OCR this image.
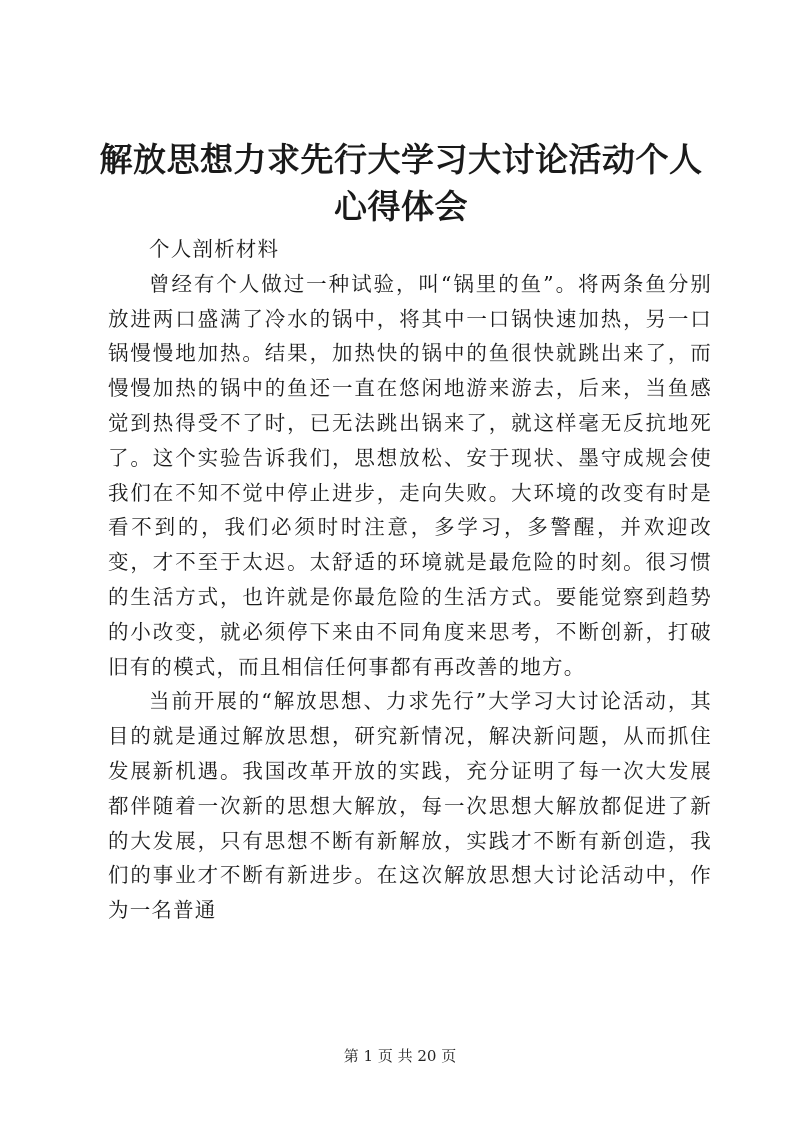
解放思想力求先行大学习大讨论活动个人心得体会

个人剖析材料

曾经有个人做过一种试验，叫“锅里的鱼”。将两条鱼分别放进两口盛满了冷水的锅中，将其中一口锅快速加热，另一口锅慢慢地加热。结果，加热快的锅中的鱼很快就跳出来了，而慢慢加热的锅中的鱼还一直在悠闲地游来游去，后来，当鱼感觉到热得受不了时，已无法跳出锅来了，就这样毫无反抗地死了。这个实验告诉我们，思想放松、安于现状、墨守成规会使我们在不知不觉中停止进步，走向失败。大环境的改变有时是看不到的，我们必须时时注意，多学习，多警醒，并欢迎改变，才不至于太迟。太舒适的环境就是最危险的时刻。很习惯的生活方式，也许就是你最危险的生活方式。要能觉察到趋势的小改变，就必须停下来由不同角度来思考，不断创新，打破旧有的模式，而且相信任何事都有再改善的地方。

当前开展的“解放思想、力求先行”大学习大讨论活动，其目的就是通过解放思想，研究新情况，解决新问题，从而抓住发展新机遇。我国改革开放的实践，充分证明了每一次大发展都伴随着一次新的思想大解放，每一次思想大解放都促进了新的大发展，只有思想不断有新解放，实践才不断有新创造，我们的事业才不断有新进步。在这次解放思想大讨论活动中，作为一名普通

第 1 页 共 20 页
